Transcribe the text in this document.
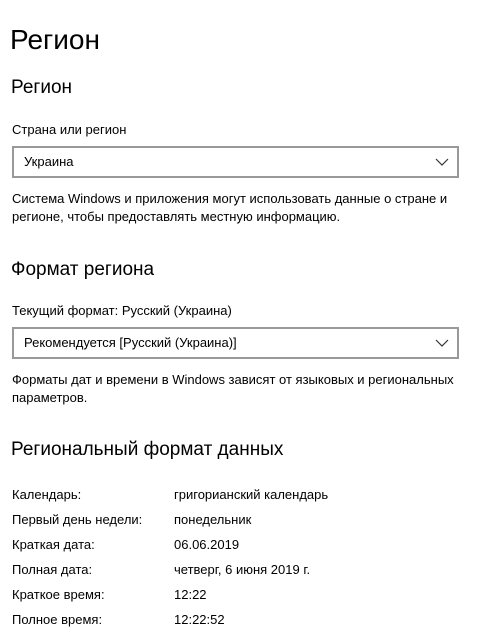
Регион
Регион
Страна или регион
Украина
Система Windows и приложения могут использовать данные о стране и регионе, чтобы предоставлять местную информацию.
Формат региона
Текущий формат: Русский (Украина)
Рекомендуется [Русский (Украина)]
Форматы дат и времени в Windows зависят от языковых и региональных параметров.
Региональный формат данных
Календарь:	григорианский календарь
Первый день недели:	понедельник
Краткая дата:	06.06.2019
Полная дата:	четверг, 6 июня 2019 г.
Краткое время:	12:22
Полное время:	12:22:52
